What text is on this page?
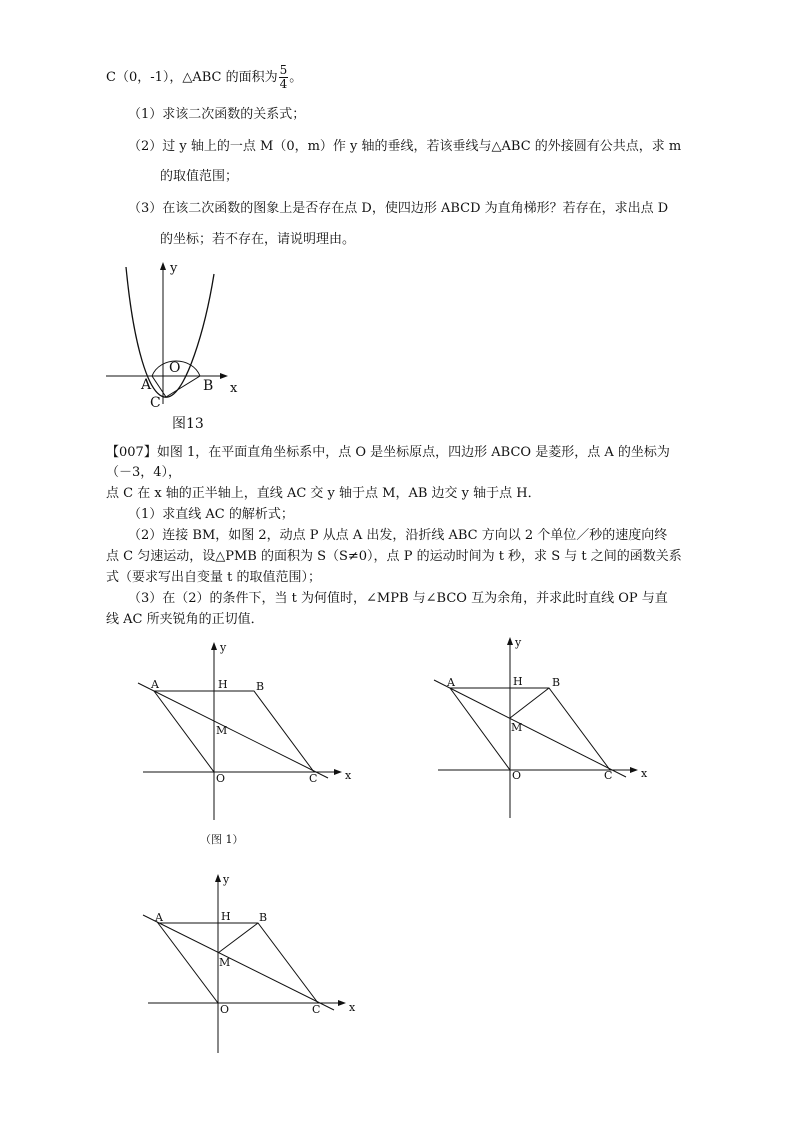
C（0，-1），△ABC 的面积为 $\frac{5}{4}$ 。
（1）求该二次函数的关系式；
（2）过 y 轴上的一点 M（0，m）作 y 轴的垂线，若该垂线与△ABC 的外接圆有公共点，求 m
的取值范围；
（3）在该二次函数的图象上是否存在点 D，使四边形 ABCD 为直角梯形？若存在，求出点 D
的坐标；若不存在，请说明理由。
y
O
A	B
C
x
图13
【007】如图 1，在平面直角坐标系中，点 O 是坐标原点，四边形 ABCO 是菱形，点 A 的坐标为
（－3，4），
点 C 在 x 轴的正半轴上，直线 AC 交 y 轴于点 M，AB 边交 y 轴于点 H．
（1）求直线 AC 的解析式；
（2）连接 BM，如图 2，动点 P 从点 A 出发，沿折线 ABC 方向以 2 个单位／秒的速度向终
点 C 匀速运动，设△PMB 的面积为 S（S≠0），点 P 的运动时间为 t 秒，求 S 与 t 之间的函数关系
式（要求写出自变量 t 的取值范围）；
（3）在（2）的条件下，当 t 为何值时，∠MPB 与∠BCO 互为余角，并求此时直线 OP 与直
线 AC 所夹锐角的正切值．
y
A	H	B
M
O	C	x
（图 1）
y
A	H	B
M
O	C	x
y
A	H	B
M
O	C	x
